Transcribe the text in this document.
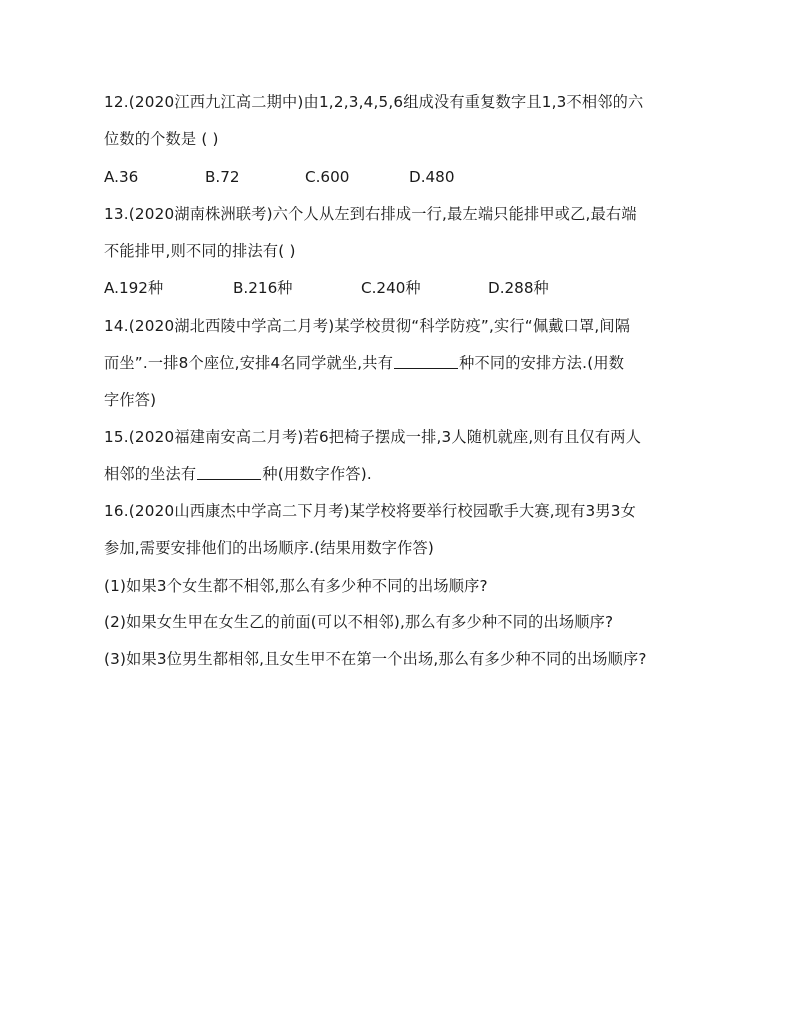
12.(2020江西九江高二期中)由1,2,3,4,5,6组成没有重复数字且1,3不相邻的六
位数的个数是 ( )
A.36	B.72	C.600	D.480
13.(2020湖南株洲联考)六个人从左到右排成一行,最左端只能排甲或乙,最右端
不能排甲,则不同的排法有( )
A.192种	B.216种	C.240种	D.288种
14.(2020湖北西陵中学高二月考)某学校贯彻“科学防疫”,实行“佩戴口罩,间隔
而坐”.一排8个座位,安排4名同学就坐,共有	种不同的安排方法.(用数
字作答)
15.(2020福建南安高二月考)若6把椅子摆成一排,3人随机就座,则有且仅有两人
相邻的坐法有	种(用数字作答).
16.(2020山西康杰中学高二下月考)某学校将要举行校园歌手大赛,现有3男3女
参加,需要安排他们的出场顺序.(结果用数字作答)
(1)如果3个女生都不相邻,那么有多少种不同的出场顺序?
(2)如果女生甲在女生乙的前面(可以不相邻),那么有多少种不同的出场顺序?
(3)如果3位男生都相邻,且女生甲不在第一个出场,那么有多少种不同的出场顺序?
